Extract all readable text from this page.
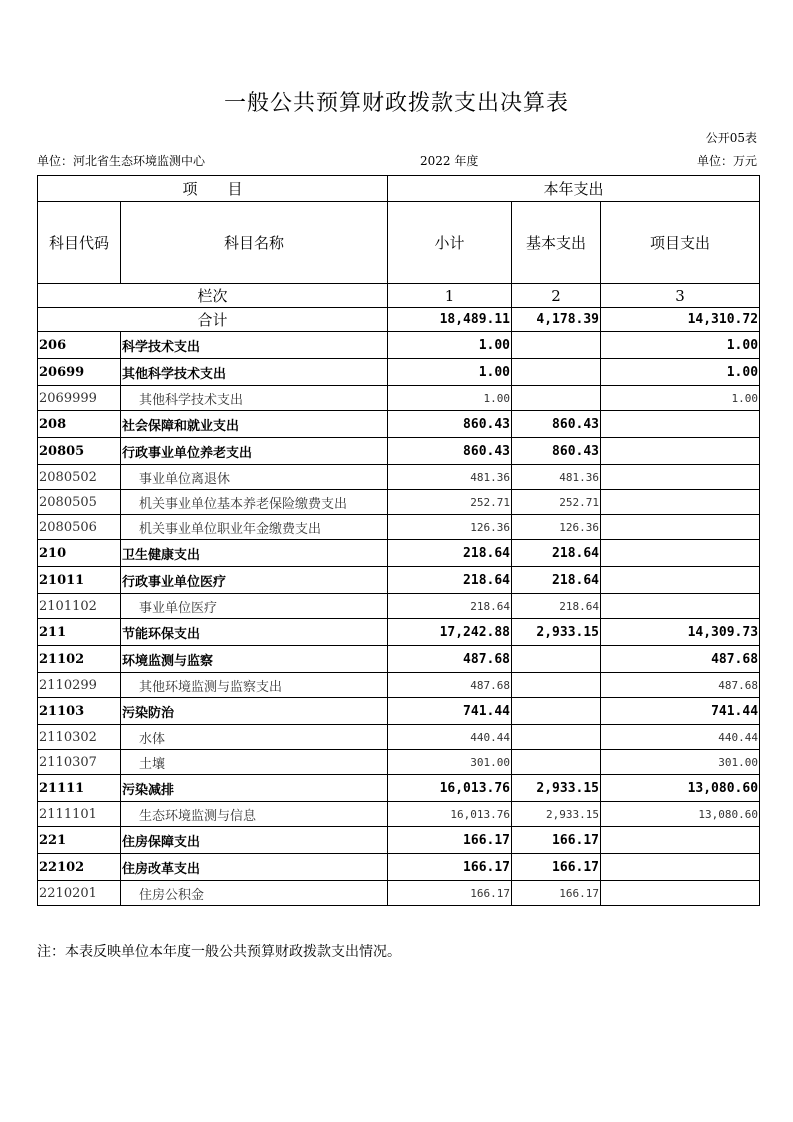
一般公共预算财政拨款支出决算表
公开05表
单位：河北省生态环境监测中心	2022 年度	单位：万元
项　　目		本年支出		
科目代码	科目名称	小计	基本支出	项目支出
栏次		1	2	3
合计		18,489.11	4,178.39	14,310.72
206	科学技术支出	1.00		1.00
20699	其他科学技术支出	1.00		1.00
2069999	其他科学技术支出	1.00		1.00
208	社会保障和就业支出	860.43	860.43	
20805	行政事业单位养老支出	860.43	860.43	
2080502	事业单位离退休	481.36	481.36	
2080505	机关事业单位基本养老保险缴费支出	252.71	252.71	
2080506	机关事业单位职业年金缴费支出	126.36	126.36	
210	卫生健康支出	218.64	218.64	
21011	行政事业单位医疗	218.64	218.64	
2101102	事业单位医疗	218.64	218.64	
211	节能环保支出	17,242.88	2,933.15	14,309.73
21102	环境监测与监察	487.68		487.68
2110299	其他环境监测与监察支出	487.68		487.68
21103	污染防治	741.44		741.44
2110302	水体	440.44		440.44
2110307	土壤	301.00		301.00
21111	污染减排	16,013.76	2,933.15	13,080.60
2111101	生态环境监测与信息	16,013.76	2,933.15	13,080.60
221	住房保障支出	166.17	166.17	
22102	住房改革支出	166.17	166.17	
2210201	住房公积金	166.17	166.17	
注：本表反映单位本年度一般公共预算财政拨款支出情况。
